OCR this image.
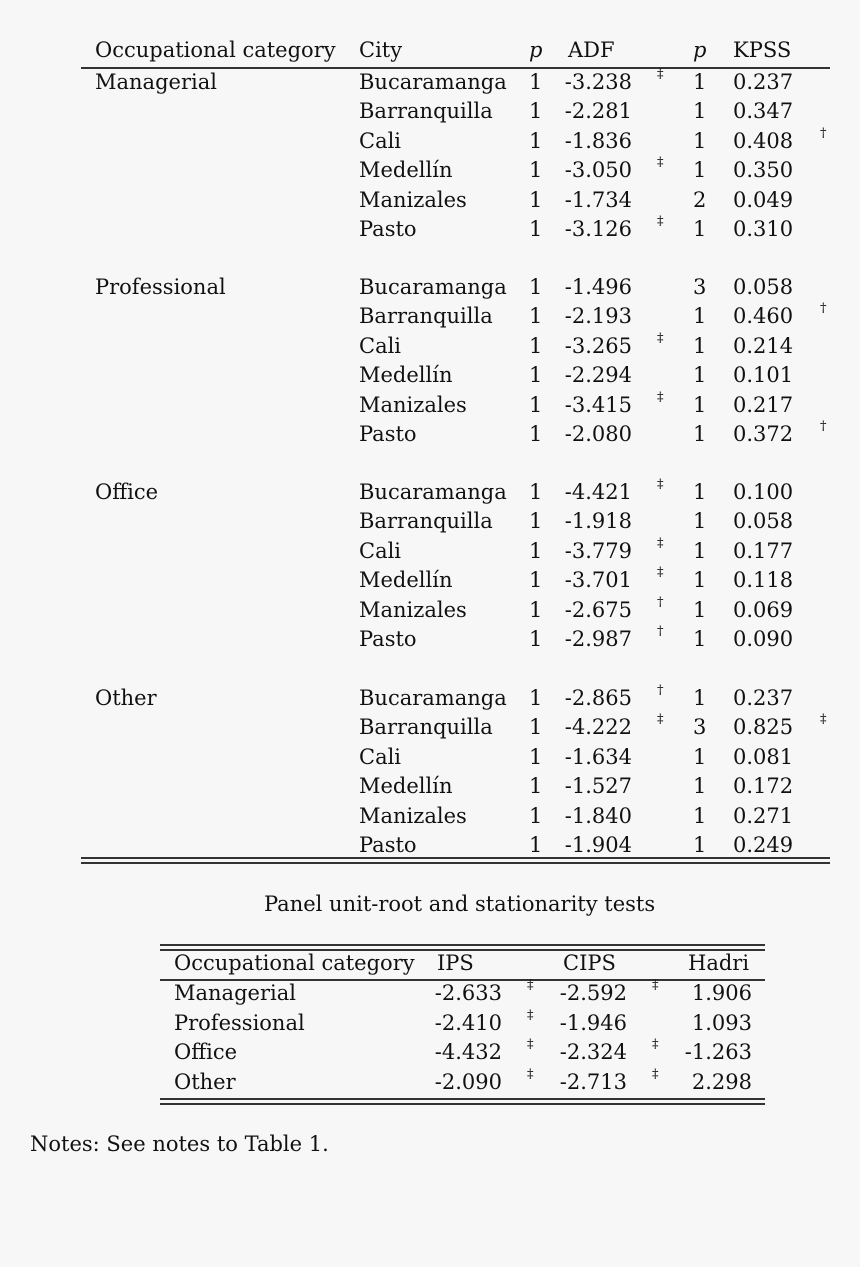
Occupational category City	p ADF	p KPSS
Managerial	Bucaramanga 1 -3.238 ‡ 1 0.237
Barranquilla 1 -2.281	1 0.347
Cali	1 -1.836	1 0.408 †
Medellín	1 -3.050 ‡ 1 0.350
Manizales	1 -1.734	2 0.049
Pasto	1 -3.126 ‡ 1 0.310
Professional	Bucaramanga 1 -1.496	3 0.058
Barranquilla 1 -2.193	1 0.460 †
Cali	1 -3.265 ‡ 1 0.214
Medellín	1 -2.294	1 0.101
Manizales	1 -3.415 ‡ 1 0.217
Pasto	1 -2.080	1 0.372 †
Office	Bucaramanga 1 -4.421 ‡ 1 0.100
Barranquilla 1 -1.918	1 0.058
Cali	1 -3.779 ‡ 1 0.177
Medellín	1 -3.701 ‡ 1 0.118
Manizales	1 -2.675 † 1 0.069
Pasto	1 -2.987 † 1 0.090
Other	Bucaramanga 1 -2.865 † 1 0.237
Barranquilla 1 -4.222 ‡ 3 0.825 ‡
Cali	1 -1.634	1 0.081
Medellín	1 -1.527	1 0.172
Manizales	1 -1.840	1 0.271
Pasto	1 -1.904	1 0.249
Panel unit-root and stationarity tests
Occupational category IPS	CIPS	Hadri
Managerial	-2.633 ‡ -2.592 ‡	1.906
Professional	-2.410 ‡ -1.946	1.093
Office	-4.432 ‡ -2.324 ‡ -1.263
Other	-2.090 ‡ -2.713 ‡	2.298
Notes: See notes to Table 1.
